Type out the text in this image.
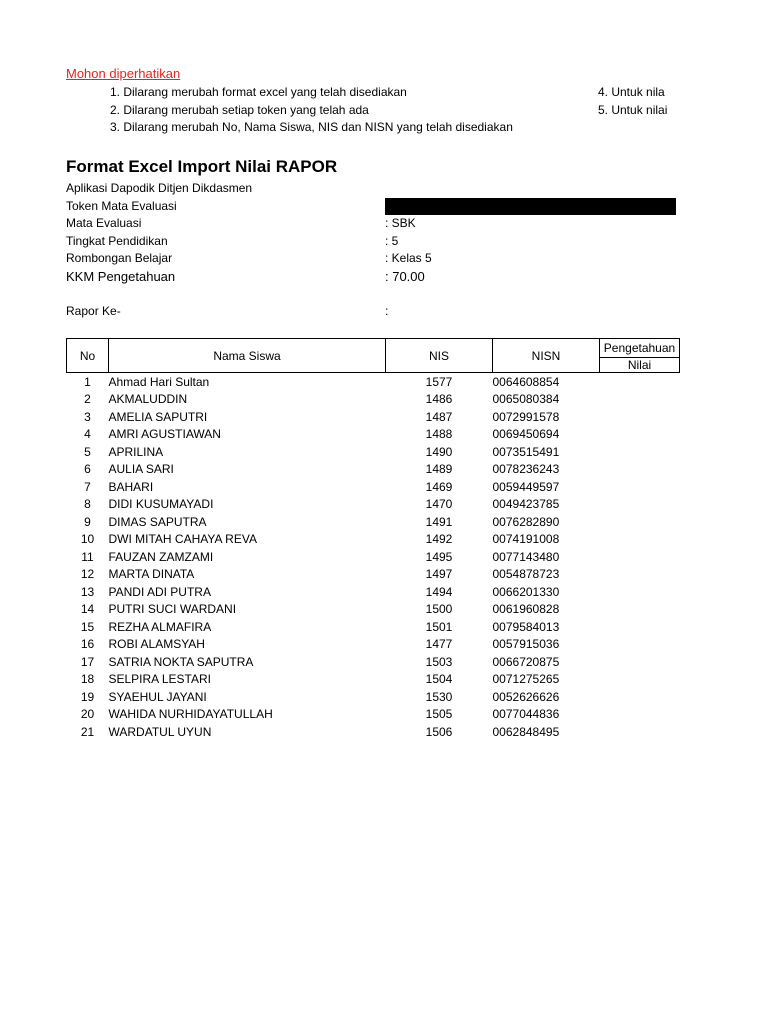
Mohon diperhatikan
1. Dilarang merubah format excel yang telah disediakan
2. Dilarang merubah setiap token yang telah ada
3. Dilarang merubah No, Nama Siswa, NIS dan NISN yang telah disediakan
4. Untuk nila
5. Untuk nilai
Format Excel Import Nilai RAPOR
Aplikasi Dapodik Ditjen Dikdasmen
Token Mata Evaluasi
Mata Evaluasi	: SBK
Tingkat Pendidikan	: 5
Rombongan Belajar	: Kelas 5
KKM Pengetahuan	: 70.00
Rapor Ke-	:
No	Nama Siswa	NIS	NISN	Pengetahuan
				Nilai
1	Ahmad Hari Sultan	1577	0064608854	
2	AKMALUDDIN	1486	0065080384	
3	AMELIA SAPUTRI	1487	0072991578	
4	AMRI AGUSTIAWAN	1488	0069450694	
5	APRILINA	1490	0073515491	
6	AULIA SARI	1489	0078236243	
7	BAHARI	1469	0059449597	
8	DIDI KUSUMAYADI	1470	0049423785	
9	DIMAS SAPUTRA	1491	0076282890	
10	DWI MITAH CAHAYA REVA	1492	0074191008	
11	FAUZAN ZAMZAMI	1495	0077143480	
12	MARTA DINATA	1497	0054878723	
13	PANDI ADI PUTRA	1494	0066201330	
14	PUTRI SUCI WARDANI	1500	0061960828	
15	REZHA ALMAFIRA	1501	0079584013	
16	ROBI ALAMSYAH	1477	0057915036	
17	SATRIA NOKTA SAPUTRA	1503	0066720875	
18	SELPIRA LESTARI	1504	0071275265	
19	SYAEHUL JAYANI	1530	0052626626	
20	WAHIDA NURHIDAYATULLAH	1505	0077044836	
21	WARDATUL UYUN	1506	0062848495	
